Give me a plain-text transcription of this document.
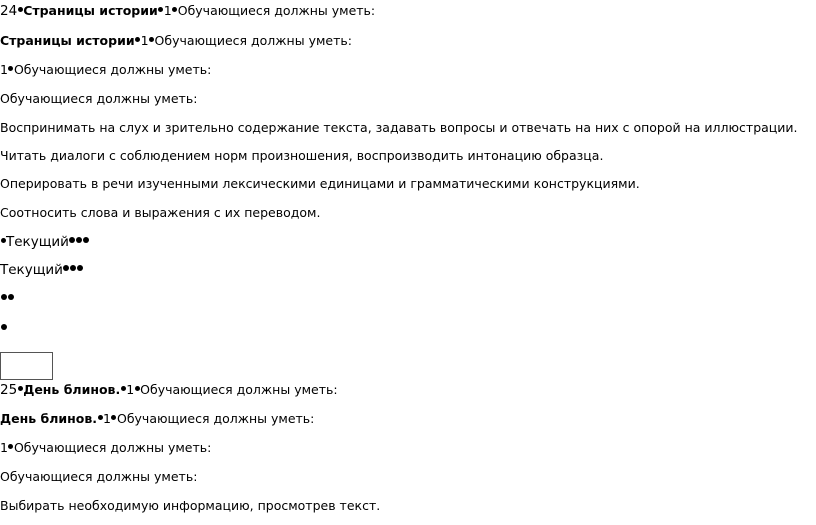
24 Страницы истории 1 Обучающиеся должны уметь:
Страницы истории 1 Обучающиеся должны уметь:
1 Обучающиеся должны уметь:
Обучающиеся должны уметь:
Воспринимать на слух и зрительно содержание текста, задавать вопросы и отвечать на них с опорой на иллюстрации.
Читать диалоги с соблюдением норм произношения, воспроизводить интонацию образца.
Оперировать в речи изученными лексическими единицами и грамматическими конструкциями.
Соотносить слова и выражения с их переводом.
Текущий
Текущий
25 День блинов. 1 Обучающиеся должны уметь:
День блинов. 1 Обучающиеся должны уметь:
1 Обучающиеся должны уметь:
Обучающиеся должны уметь:
Выбирать необходимую информацию, просмотрев текст.
